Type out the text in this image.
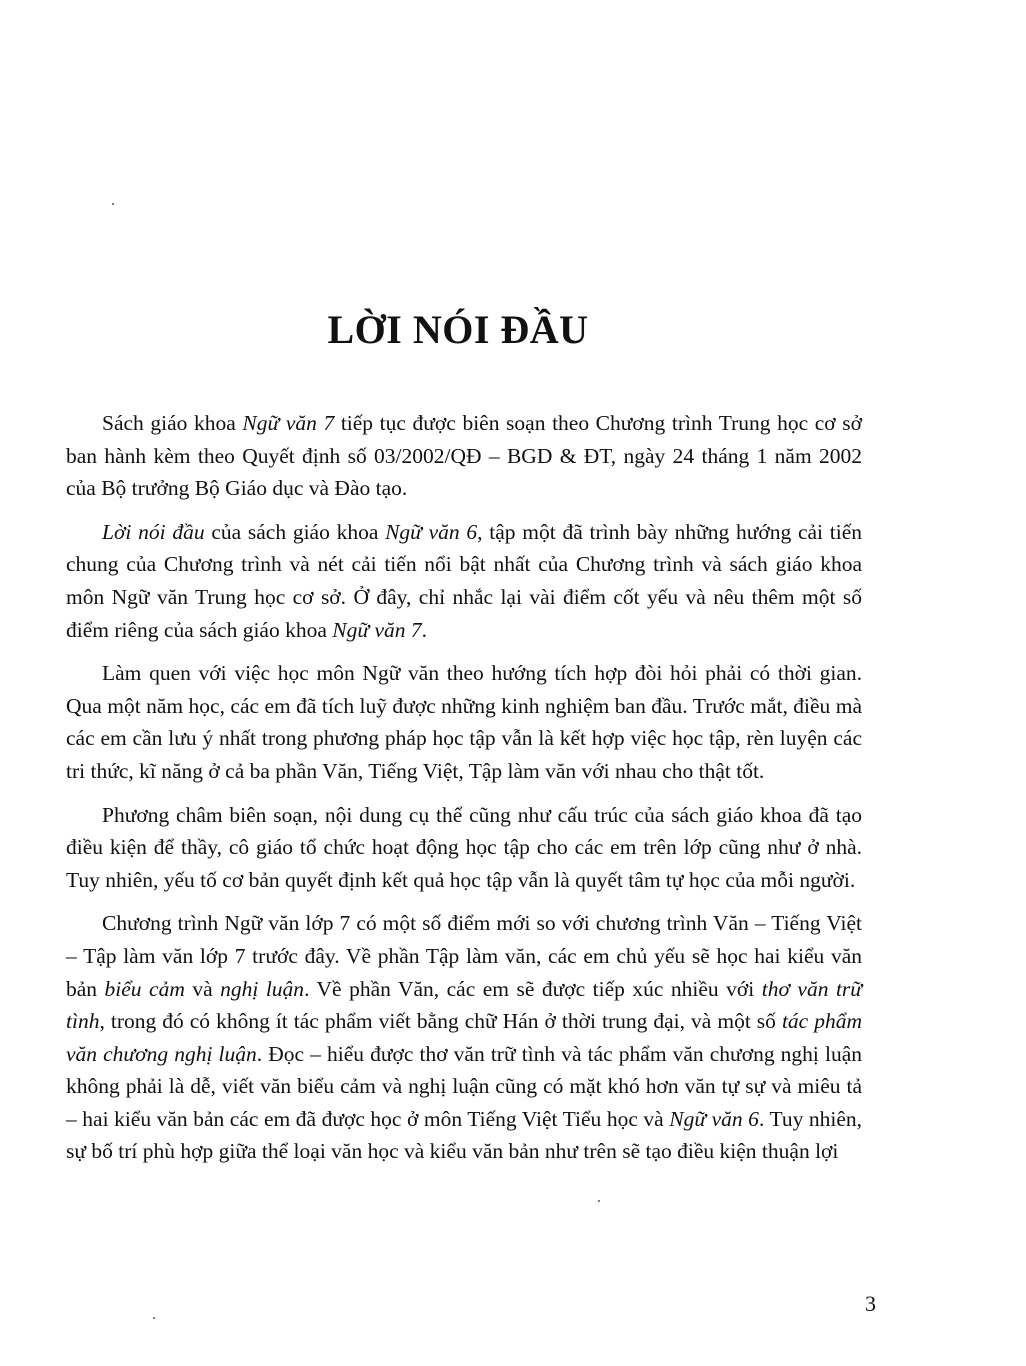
LỜI NÓI ĐẦU

Sách giáo khoa Ngữ văn 7 tiếp tục được biên soạn theo Chương trình Trung học cơ sở ban hành kèm theo Quyết định số 03/2002/QĐ – BGD & ĐT, ngày 24 tháng 1 năm 2002 của Bộ trưởng Bộ Giáo dục và Đào tạo.

Lời nói đầu của sách giáo khoa Ngữ văn 6, tập một đã trình bày những hướng cải tiến chung của Chương trình và nét cải tiến nổi bật nhất của Chương trình và sách giáo khoa môn Ngữ văn Trung học cơ sở. Ở đây, chỉ nhắc lại vài điểm cốt yếu và nêu thêm một số điểm riêng của sách giáo khoa Ngữ văn 7.

Làm quen với việc học môn Ngữ văn theo hướng tích hợp đòi hỏi phải có thời gian. Qua một năm học, các em đã tích luỹ được những kinh nghiệm ban đầu. Trước mắt, điều mà các em cần lưu ý nhất trong phương pháp học tập vẫn là kết hợp việc học tập, rèn luyện các tri thức, kĩ năng ở cả ba phần Văn, Tiếng Việt, Tập làm văn với nhau cho thật tốt.

Phương châm biên soạn, nội dung cụ thể cũng như cấu trúc của sách giáo khoa đã tạo điều kiện để thầy, cô giáo tổ chức hoạt động học tập cho các em trên lớp cũng như ở nhà. Tuy nhiên, yếu tố cơ bản quyết định kết quả học tập vẫn là quyết tâm tự học của mỗi người.

Chương trình Ngữ văn lớp 7 có một số điểm mới so với chương trình Văn – Tiếng Việt – Tập làm văn lớp 7 trước đây. Về phần Tập làm văn, các em chủ yếu sẽ học hai kiểu văn bản biểu cảm và nghị luận. Về phần Văn, các em sẽ được tiếp xúc nhiều với thơ văn trữ tình, trong đó có không ít tác phẩm viết bằng chữ Hán ở thời trung đại, và một số tác phẩm văn chương nghị luận. Đọc – hiểu được thơ văn trữ tình và tác phẩm văn chương nghị luận không phải là dễ, viết văn biểu cảm và nghị luận cũng có mặt khó hơn văn tự sự và miêu tả – hai kiểu văn bản các em đã được học ở môn Tiếng Việt Tiểu học và Ngữ văn 6. Tuy nhiên, sự bố trí phù hợp giữa thể loại văn học và kiểu văn bản như trên sẽ tạo điều kiện thuận lợi

3
